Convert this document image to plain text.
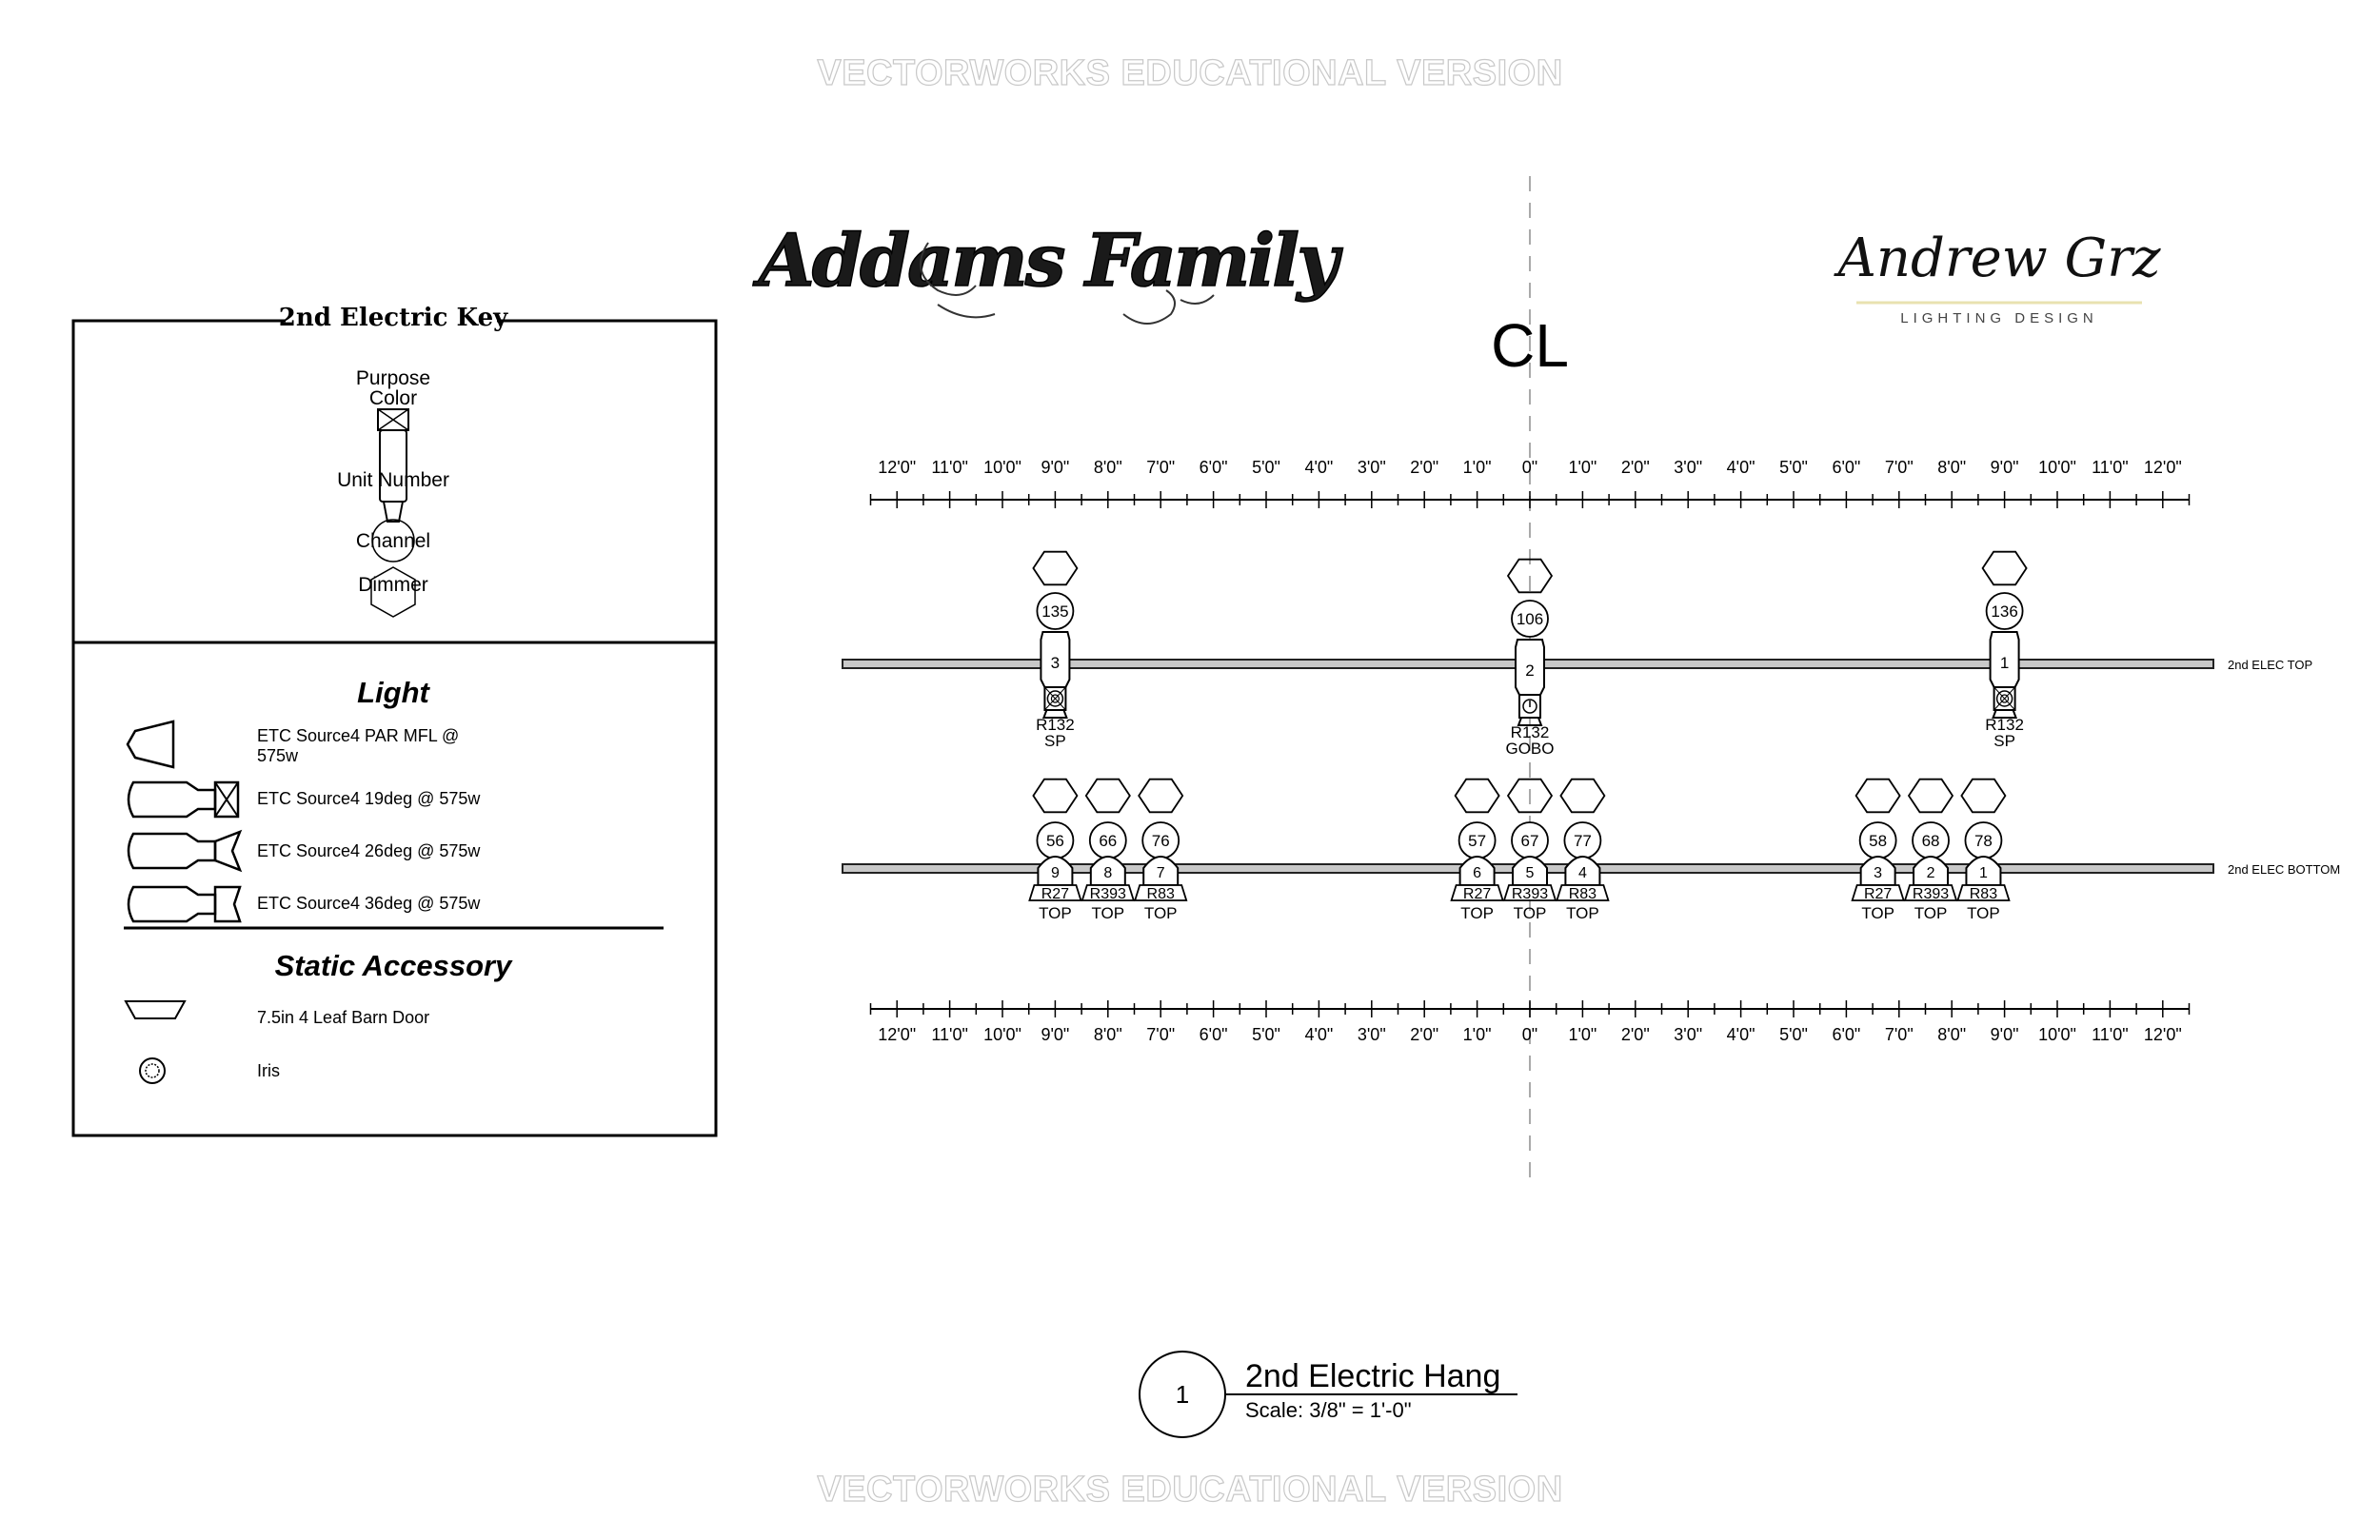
VECTORWORKS EDUCATIONAL VERSION
VECTORWORKS EDUCATIONAL VERSION
Addams Family	Andrew Grz
LIGHTING DESIGN
CL
12'0" 11'0" 10'0" 9'0" 8'0" 7'0" 6'0" 5'0" 4'0" 3'0" 2'0" 1'0" 0" 1'0" 2'0" 3'0" 4'0" 5'0" 6'0" 7'0" 8'0" 9'0" 10'0" 11'0" 12'0"
12'0" 11'0" 10'0" 9'0" 8'0" 7'0" 6'0" 5'0" 4'0" 3'0" 2'0" 1'0" 0" 1'0" 2'0" 3'0" 4'0" 5'0" 6'0" 7'0" 8'0" 9'0" 10'0" 11'0" 12'0"
2nd ELEC TOP
2nd ELEC BOTTOM
135
3
R132
SP
106
2
R132
GOBO
136
1
R132
SP
56
9
R27
TOP
66
8
R393
TOP
76
7
R83
TOP
57
6
R27
TOP
67
5
R393
TOP
77
4
R83
TOP
58
3
R27
TOP
68
2
R393
TOP
78
1
R83
TOP
2nd Electric Key
Purpose
Color
Unit Number
Channel
Dimmer
Light
ETC Source4 PAR MFL @
575w
ETC Source4 19deg @ 575w
ETC Source4 26deg @ 575w
ETC Source4 36deg @ 575w
Static Accessory
7.5in 4 Leaf Barn Door
Iris
1 2nd Electric Hang
Scale: 3/8" = 1'-0"
